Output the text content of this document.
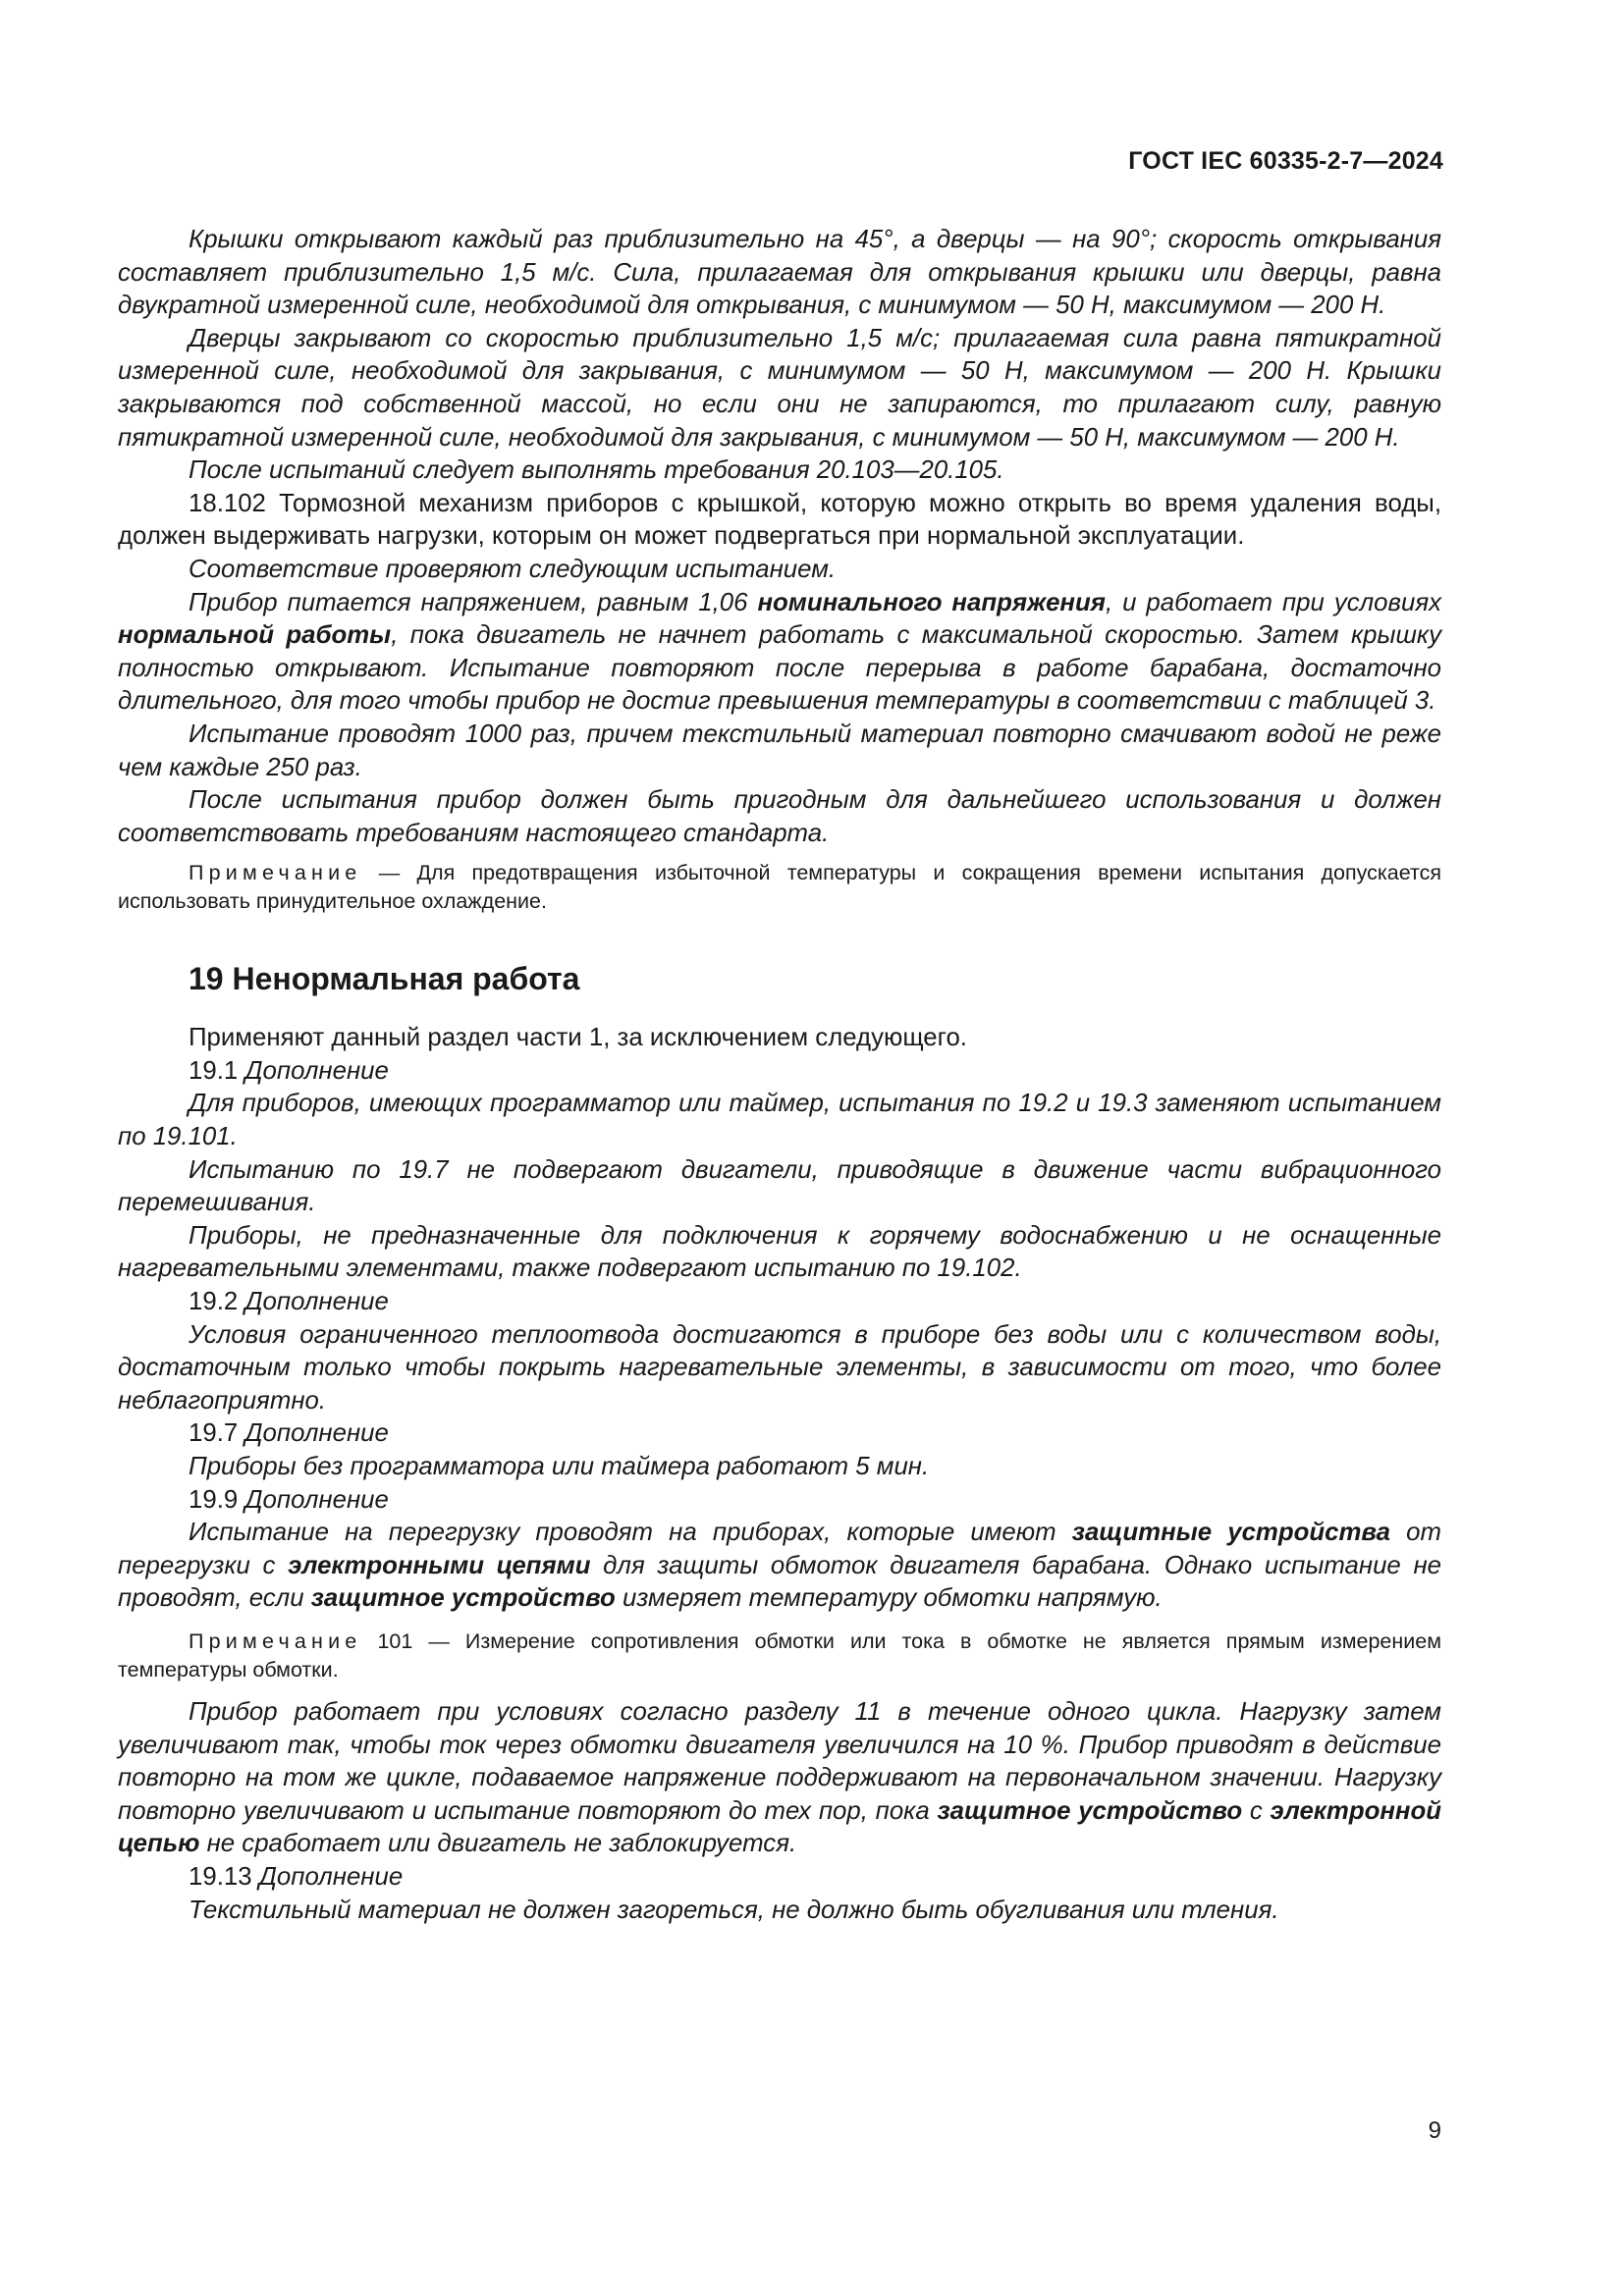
ГОСТ IEC 60335-2-7—2024

Крышки открывают каждый раз приблизительно на 45°, а дверцы — на 90°; скорость открывания составляет приблизительно 1,5 м/с. Сила, прилагаемая для открывания крышки или дверцы, равна двукратной измеренной силе, необходимой для открывания, с минимумом — 50 Н, максимумом — 200 Н.

Дверцы закрывают со скоростью приблизительно 1,5 м/с; прилагаемая сила равна пятикратной измеренной силе, необходимой для закрывания, с минимумом — 50 Н, максимумом — 200 Н. Крышки закрываются под собственной массой, но если они не запираются, то прилагают силу, равную пятикратной измеренной силе, необходимой для закрывания, с минимумом — 50 Н, максимумом — 200 Н.

После испытаний следует выполнять требования 20.103—20.105.

18.102 Тормозной механизм приборов с крышкой, которую можно открыть во время удаления воды, должен выдерживать нагрузки, которым он может подвергаться при нормальной эксплуатации.

Соответствие проверяют следующим испытанием.

Прибор питается напряжением, равным 1,06 номинального напряжения, и работает при условиях нормальной работы, пока двигатель не начнет работать с максимальной скоростью. Затем крышку полностью открывают. Испытание повторяют после перерыва в работе барабана, достаточно длительного, для того чтобы прибор не достиг превышения температуры в соответствии с таблицей 3.

Испытание проводят 1000 раз, причем текстильный материал повторно смачивают водой не реже чем каждые 250 раз.

После испытания прибор должен быть пригодным для дальнейшего использования и должен соответствовать требованиям настоящего стандарта.

Примечание — Для предотвращения избыточной температуры и сокращения времени испытания допускается использовать принудительное охлаждение.

19 Ненормальная работа

Применяют данный раздел части 1, за исключением следующего.

19.1 Дополнение

Для приборов, имеющих программатор или таймер, испытания по 19.2 и 19.3 заменяют испытанием по 19.101.

Испытанию по 19.7 не подвергают двигатели, приводящие в движение части вибрационного перемешивания.

Приборы, не предназначенные для подключения к горячему водоснабжению и не оснащенные нагревательными элементами, также подвергают испытанию по 19.102.

19.2 Дополнение

Условия ограниченного теплоотвода достигаются в приборе без воды или с количеством воды, достаточным только чтобы покрыть нагревательные элементы, в зависимости от того, что более неблагоприятно.

19.7 Дополнение

Приборы без программатора или таймера работают 5 мин.

19.9 Дополнение

Испытание на перегрузку проводят на приборах, которые имеют защитные устройства от перегрузки с электронными цепями для защиты обмоток двигателя барабана. Однако испытание не проводят, если защитное устройство измеряет температуру обмотки напрямую.

Примечание 101 — Измерение сопротивления обмотки или тока в обмотке не является прямым измерением температуры обмотки.

Прибор работает при условиях согласно разделу 11 в течение одного цикла. Нагрузку затем увеличивают так, чтобы ток через обмотки двигателя увеличился на 10 %. Прибор приводят в действие повторно на том же цикле, подаваемое напряжение поддерживают на первоначальном значении. Нагрузку повторно увеличивают и испытание повторяют до тех пор, пока защитное устройство с электронной цепью не сработает или двигатель не заблокируется.

19.13 Дополнение

Текстильный материал не должен загореться, не должно быть обугливания или тления.

9
